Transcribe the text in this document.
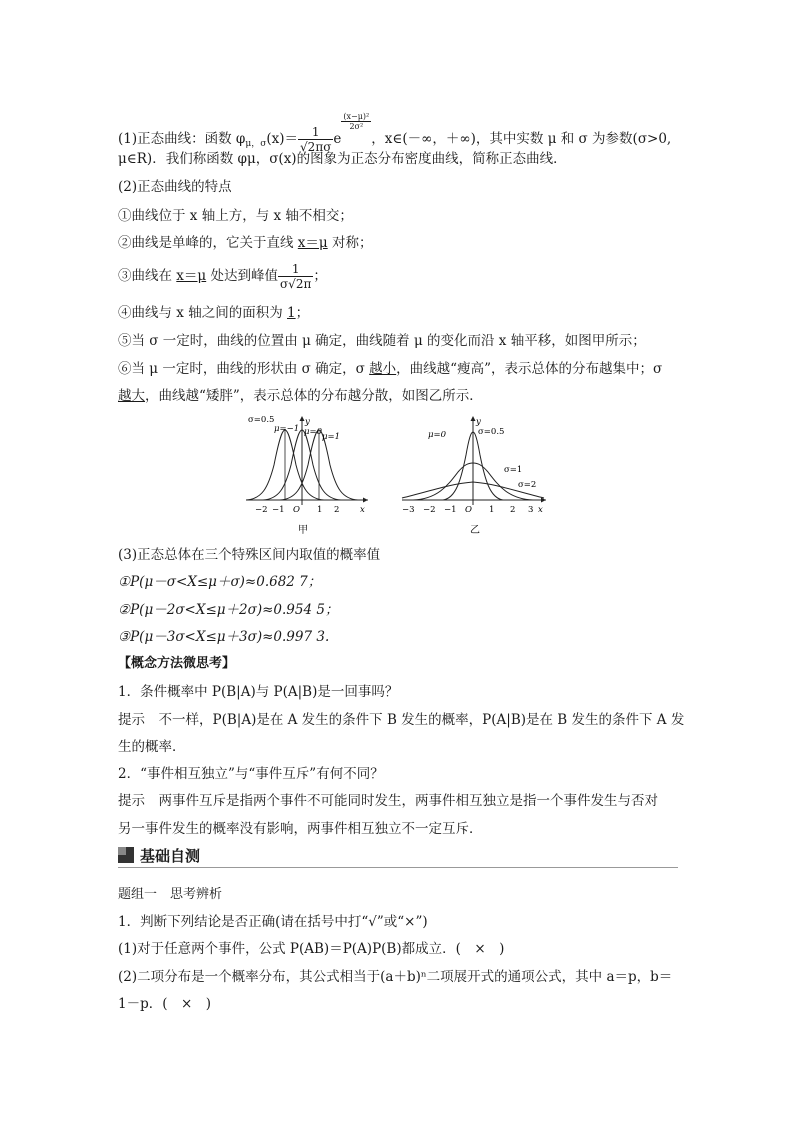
(1)正态曲线：函数 $\varphi_{\mu,\sigma}(x)= \frac{1}{√2\pi\sigma}$ e
$\frac{\text{(x−μ)²}}{\text{2σ²}}$
，x∈(－∞，＋∞)，其中实数 μ 和 σ 为参数(σ>0,
μ∈R)．我们称函数 φμ，σ(x)的图象为正态分布密度曲线，简称正态曲线．
(2)正态曲线的特点
①曲线位于 x 轴上方，与 x 轴不相交；
②曲线是单峰的，它关于直线 x＝μ 对称；
③曲线在 x＝μ 处达到峰值 $\frac{1}{\sigma√2\pi}$ ；
④曲线与 x 轴之间的面积为 1；
⑤当 σ 一定时，曲线的位置由 μ 确定，曲线随着 μ 的变化而沿 x 轴平移，如图甲所示；
⑥当 μ 一定时，曲线的形状由 σ 确定，σ 越小，曲线越“瘦高”，表示总体的分布越集中；σ
越大，曲线越“矮胖”，表示总体的分布越分散，如图乙所示．
σ=0.5
μ=−1 μ=0 μ=1
y
x
−2 −1 O 1 2
甲
μ=0	σ=0.5
σ=1
σ=2
y
x
−3 −2 −1 O 1 2 3
乙
(3)正态总体在三个特殊区间内取值的概率值
①P(μ－σ<X≤μ＋σ)≈0.682 7；
②P(μ－2σ<X≤μ＋2σ)≈0.954 5；
③P(μ－3σ<X≤μ＋3σ)≈0.997 3.
【概念方法微思考】
1．条件概率中 P(B|A)与 P(A|B)是一回事吗？
提示　不一样，P(B|A)是在 A 发生的条件下 B 发生的概率，P(A|B)是在 B 发生的条件下 A 发
生的概率．
2．“事件相互独立”与“事件互斥”有何不同？
提示　两事件互斥是指两个事件不可能同时发生，两事件相互独立是指一个事件发生与否对
另一事件发生的概率没有影响，两事件相互独立不一定互斥．
基础自测
题组一　思考辨析
1．判断下列结论是否正确(请在括号中打“√”或“×”)
(1)对于任意两个事件，公式 P(AB)＝P(A)P(B)都成立．(　×　)
(2)二项分布是一个概率分布，其公式相当于(a＋b)ⁿ二项展开式的通项公式，其中 a＝p，b＝
1－p．(　×　)
